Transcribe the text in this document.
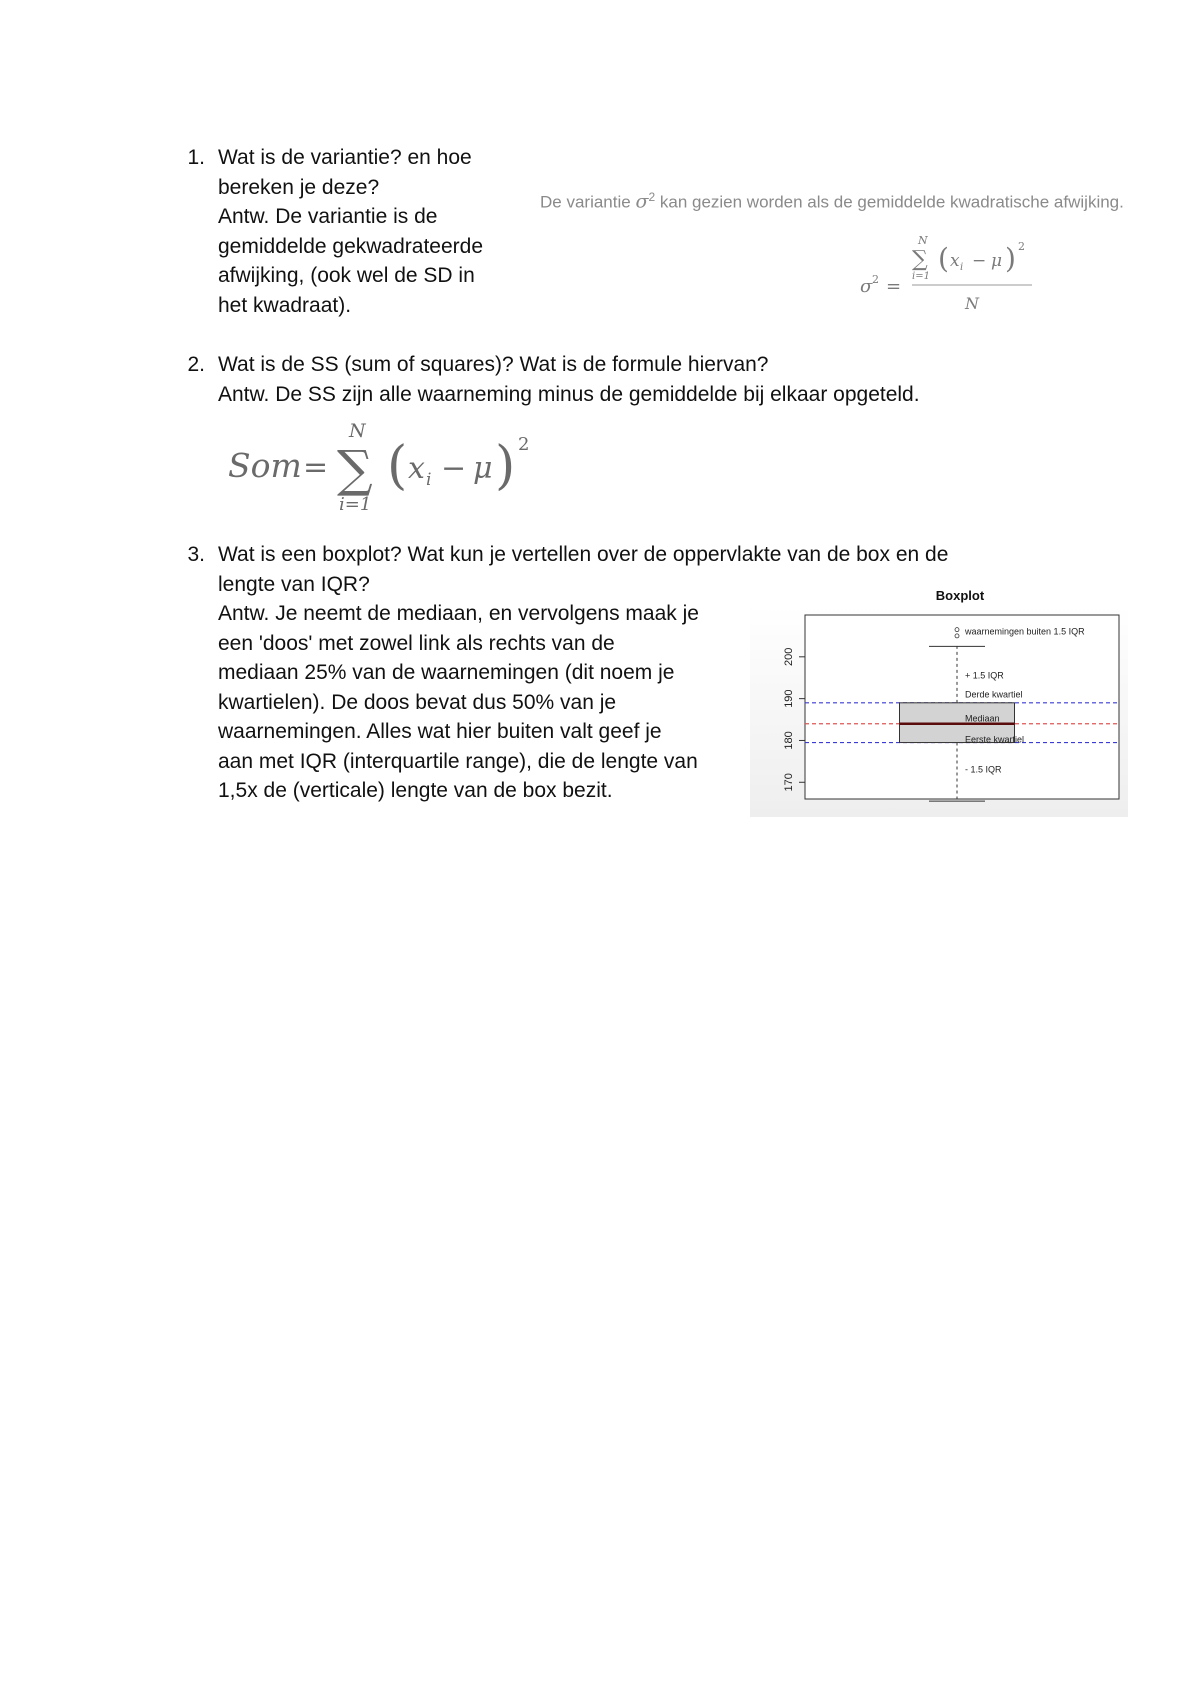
1. Wat is de variantie? en hoe
bereken je deze?
Antw. De variantie is de
gemiddelde gekwadrateerde
afwijking, (ook wel de SD in
het kwadraat).
De variantie $\sigma^2$ kan gezien worden als de gemiddelde kwadratische afwijking.
σ 2 =
N
∑
i=1
( x i − μ ) 2
N
2. Wat is de SS (sum of squares)? Wat is de formule hiervan?
Antw. De SS zijn alle waarneming minus de gemiddelde bij elkaar opgeteld.
Som =
N
∑
i=1
( x i − μ ) 2
3. Wat is een boxplot? Wat kun je vertellen over de oppervlakte van de box en de
lengte van IQR?
Antw. Je neemt de mediaan, en vervolgens maak je
een 'doos' met zowel link als rechts van de
mediaan 25% van de waarnemingen (dit noem je
kwartielen). De doos bevat dus 50% van je
waarnemingen. Alles wat hier buiten valt geef je
aan met IQR (interquartile range), die de lengte van
1,5x de (verticale) lengte van de box bezit.
Boxplot
170
180
190
200
waarnemingen buiten 1.5 IQR
+ 1.5 IQR
Derde kwartiel
Mediaan
Eerste kwartiel
- 1.5 IQR
